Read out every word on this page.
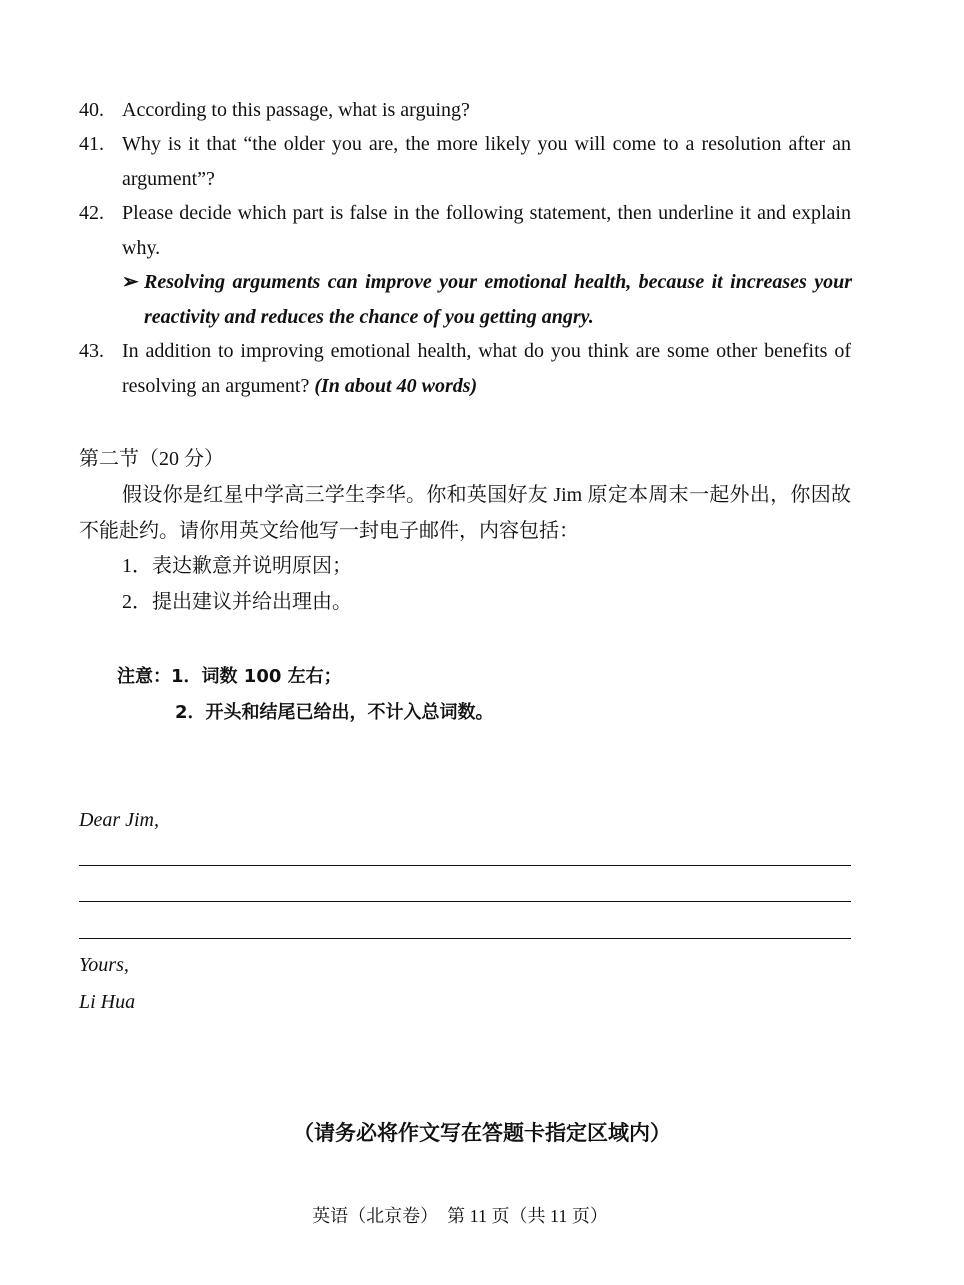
40. According to this passage, what is arguing?
41. Why is it that “the older you are, the more likely you will come to a resolution after an argument”?
42. Please decide which part is false in the following statement, then underline it and explain why.
➢ Resolving arguments can improve your emotional health, because it increases your reactivity and reduces the chance of you getting angry.
43. In addition to improving emotional health, what do you think are some other benefits of resolving an argument? (In about 40 words)
第二节（20 分）
假设你是红星中学高三学生李华。你和英国好友 Jim 原定本周末一起外出，你因故不能赴约。请你用英文给他写一封电子邮件，内容包括：
1．表达歉意并说明原因；
2．提出建议并给出理由。
注意：1．词数 100 左右；
2．开头和结尾已给出，不计入总词数。
Dear Jim,
Yours,
Li Hua
（请务必将作文写在答题卡指定区域内）
英语（北京卷）　第 11 页（共 11 页）
